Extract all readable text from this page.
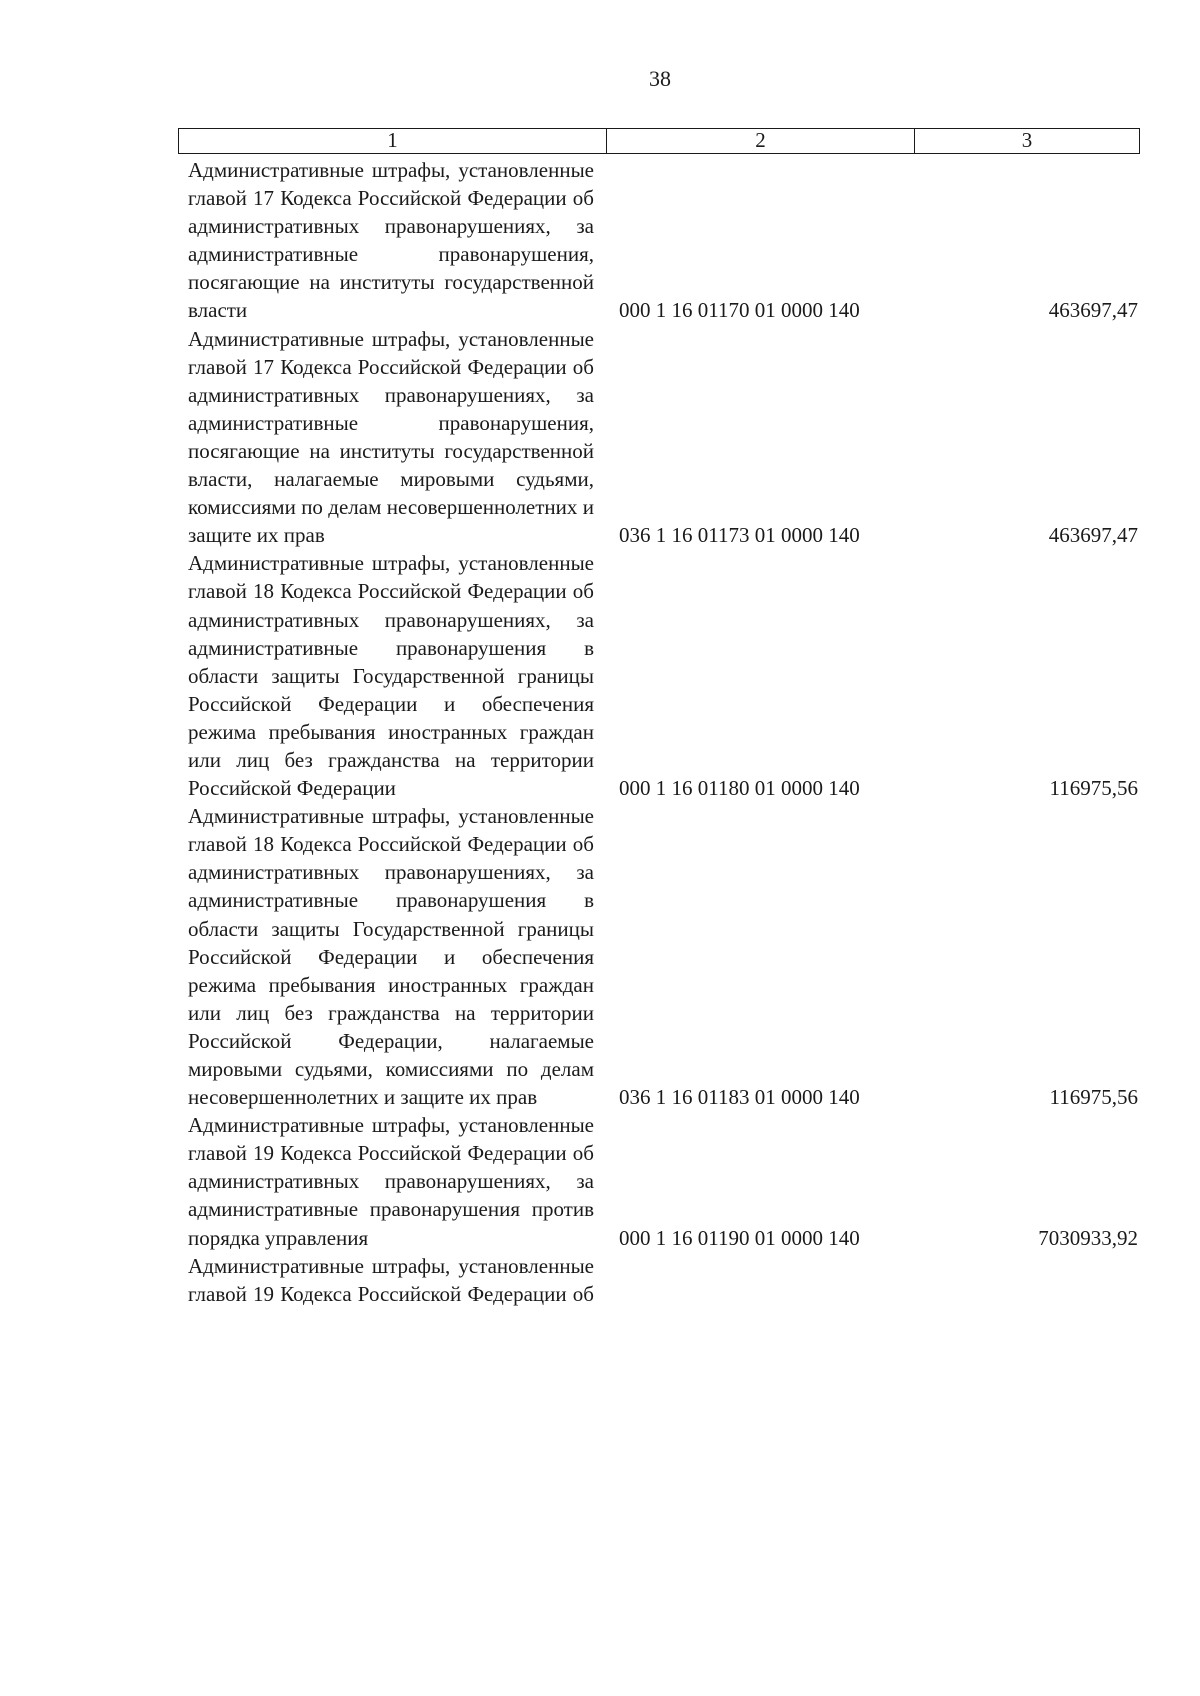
38
1	2	3
Административные штрафы, установленные главой 17 Кодекса Российской Федерации об административных правонарушениях, за административные правонарушения, посягающие на институты государственной власти	000 1 16 01170 01 0000 140	463697,47
Административные штрафы, установленные главой 17 Кодекса Российской Федерации об административных правонарушениях, за административные правонарушения, посягающие на институты государственной власти, налагаемые мировыми судьями, комиссиями по делам несовершеннолетних и защите их прав	036 1 16 01173 01 0000 140	463697,47
Административные штрафы, установленные главой 18 Кодекса Российской Федерации об административных правонарушениях, за административные правонарушения в области защиты Государственной границы Российской Федерации и обеспечения режима пребывания иностранных граждан или лиц без гражданства на территории Российской Федерации	000 1 16 01180 01 0000 140	116975,56
Административные штрафы, установленные главой 18 Кодекса Российской Федерации об административных правонарушениях, за административные правонарушения в области защиты Государственной границы Российской Федерации и обеспечения режима пребывания иностранных граждан или лиц без гражданства на территории Российской Федерации, налагаемые мировыми судьями, комиссиями по делам несовершеннолетних и защите их прав	036 1 16 01183 01 0000 140	116975,56
Административные штрафы, установленные главой 19 Кодекса Российской Федерации об административных правонарушениях, за административные правонарушения против порядка управления	000 1 16 01190 01 0000 140	7030933,92
Административные штрафы, установленные главой 19 Кодекса Российской Федерации об
